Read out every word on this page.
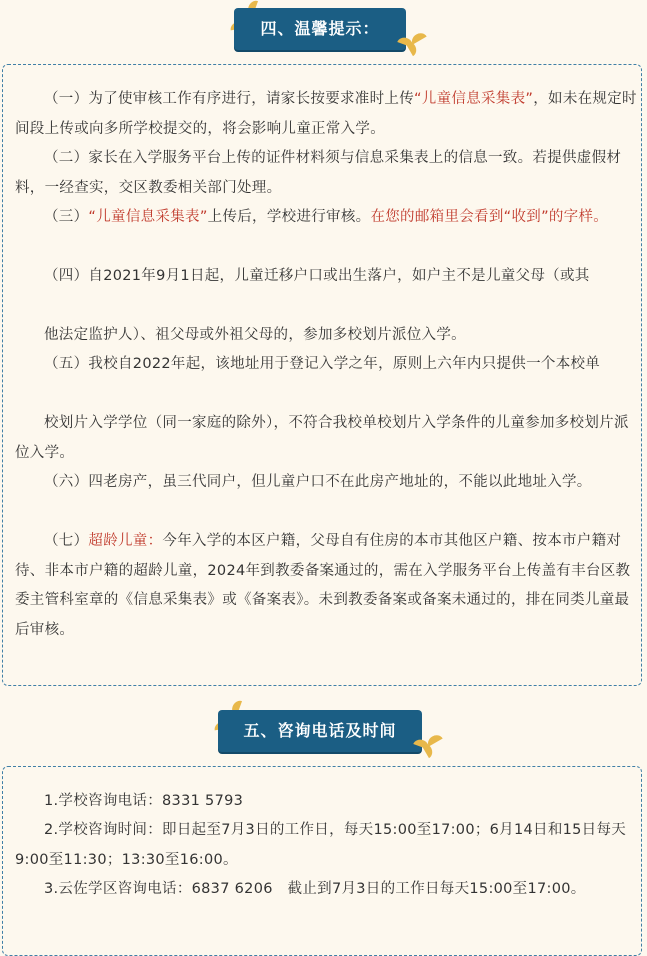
四、温馨提示：

（一）为了使审核工作有序进行，请家长按要求准时上传“儿童信息采集表”，如未在规定时间段上传或向多所学校提交的，将会影响儿童正常入学。

（二）家长在入学服务平台上传的证件材料须与信息采集表上的信息一致。若提供虚假材料，一经查实，交区教委相关部门处理。

（三）“儿童信息采集表”上传后，学校进行审核。在您的邮箱里会看到“收到”的字样。

（四）自2021年9月1日起，儿童迁移户口或出生落户，如户主不是儿童父母（或其

他法定监护人）、祖父母或外祖父母的，参加多校划片派位入学。

（五）我校自2022年起，该地址用于登记入学之年，原则上六年内只提供一个本校单

校划片入学学位（同一家庭的除外），不符合我校单校划片入学条件的儿童参加多校划片派位入学。

（六）四老房产，虽三代同户，但儿童户口不在此房产地址的，不能以此地址入学。

（七）超龄儿童：今年入学的本区户籍，父母自有住房的本市其他区户籍、按本市户籍对待、非本市户籍的超龄儿童，2024年到教委备案通过的，需在入学服务平台上传盖有丰台区教委主管科室章的《信息采集表》或《备案表》。未到教委备案或备案未通过的，排在同类儿童最后审核。

五、咨询电话及时间

1.学校咨询电话：8331 5793

2.学校咨询时间：即日起至7月3日的工作日，每天15:00至17:00；6月14日和15日每天9:00至11:30；13:30至16:00。

3.云佐学区咨询电话：6837 6206　截止到7月3日的工作日每天15:00至17:00。
